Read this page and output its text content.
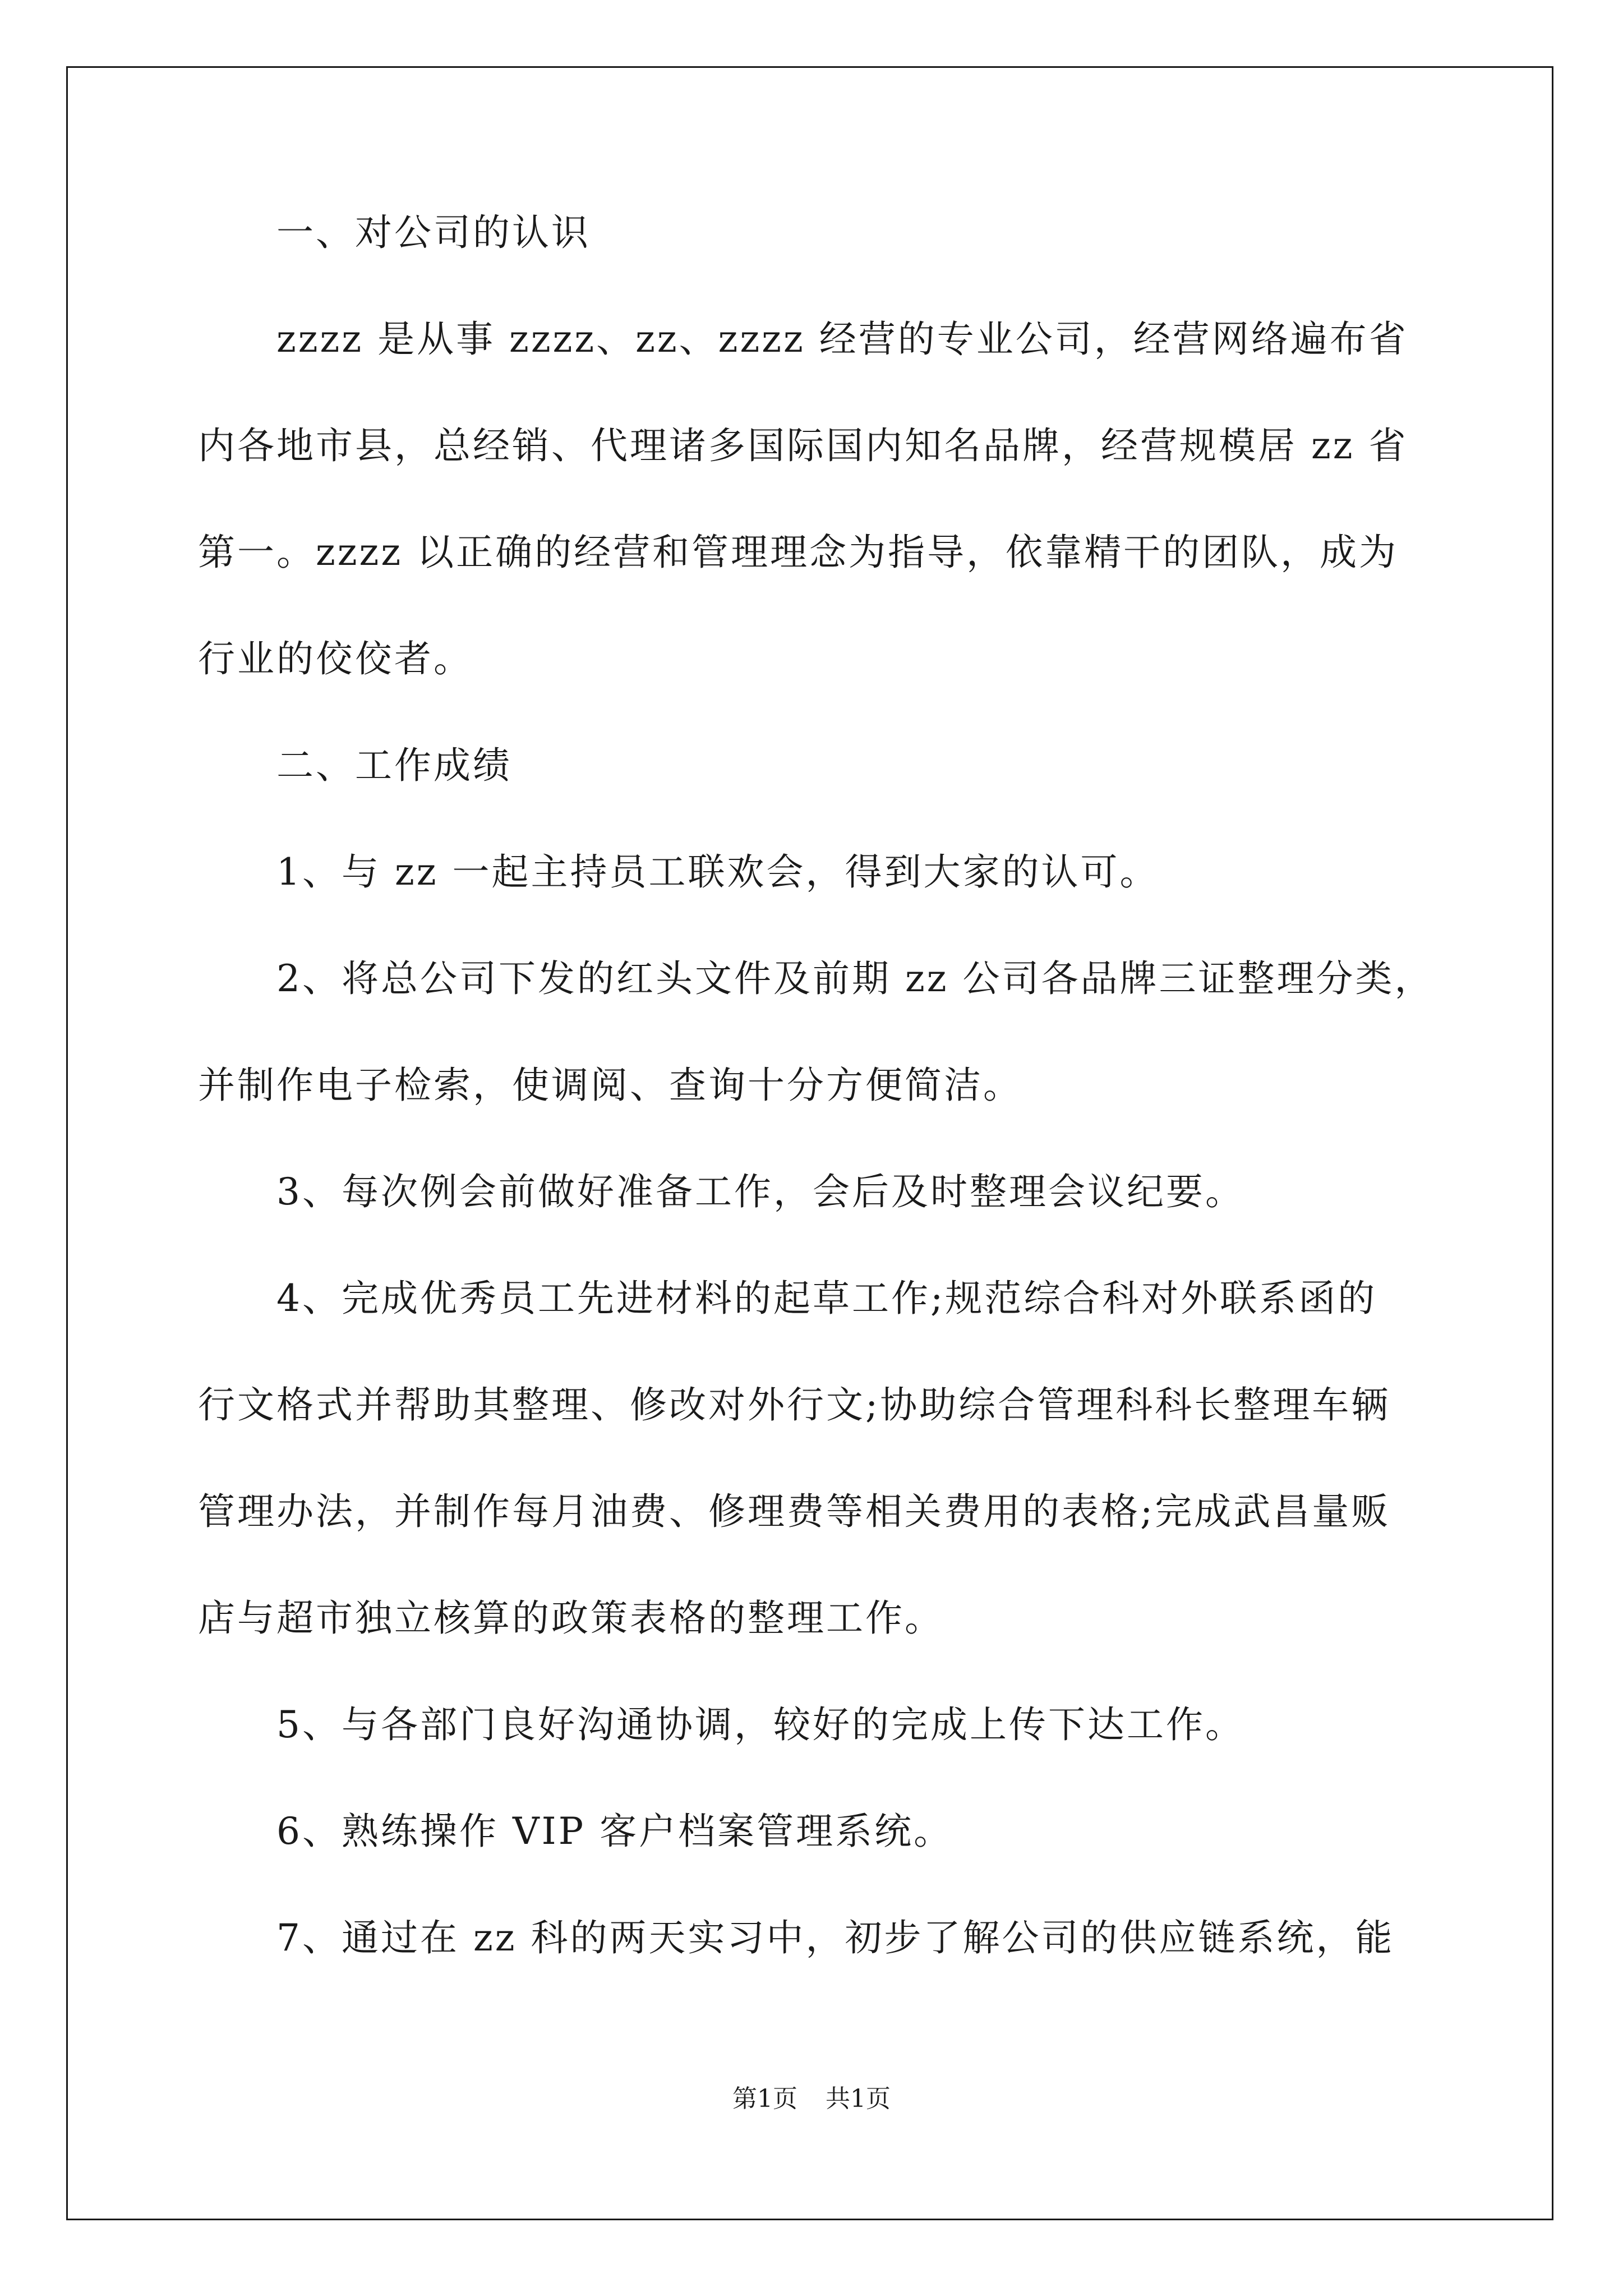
一、对公司的认识
zzzz 是从事 zzzz、zz、zzzz 经营的专业公司，经营网络遍布省
内各地市县，总经销、代理诸多国际国内知名品牌，经营规模居 zz 省
第一。zzzz 以正确的经营和管理理念为指导，依靠精干的团队，成为
行业的佼佼者。
二、工作成绩
1、与 zz 一起主持员工联欢会，得到大家的认可。
2、将总公司下发的红头文件及前期 zz 公司各品牌三证整理分类，
并制作电子检索，使调阅、查询十分方便简洁。
3、每次例会前做好准备工作，会后及时整理会议纪要。
4、完成优秀员工先进材料的起草工作;规范综合科对外联系函的
行文格式并帮助其整理、修改对外行文;协助综合管理科科长整理车辆
管理办法，并制作每月油费、修理费等相关费用的表格;完成武昌量贩
店与超市独立核算的政策表格的整理工作。
5、与各部门良好沟通协调，较好的完成上传下达工作。
6、熟练操作 VIP 客户档案管理系统。
7、通过在 zz 科的两天实习中，初步了解公司的供应链系统，能
第1页 共1页
